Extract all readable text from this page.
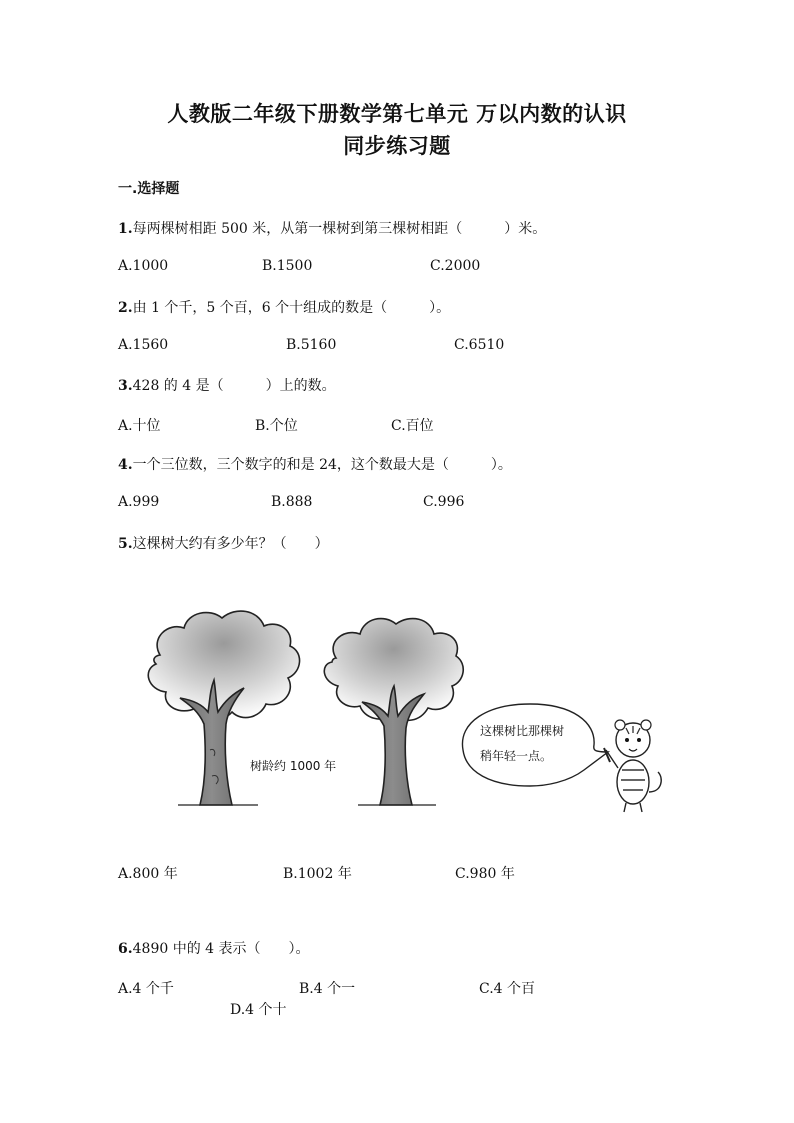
人教版二年级下册数学第七单元 万以内数的认识
同步练习题
一.选择题
1.每两棵树相距 500 米，从第一棵树到第三棵树相距（　　　）米。
A.1000	B.1500	C.2000
2.由 1 个千，5 个百，6 个十组成的数是（　　　）。
A.1560	B.5160	C.6510
3.428 的 4 是（　　　）上的数。
A.十位	B.个位	C.百位
4.一个三位数，三个数字的和是 24，这个数最大是（　　　）。
A.999	B.888	C.996
5.这棵树大约有多少年？（　　）
树龄约 1000 年
这棵树比那棵树
稍年轻一点。
A.800 年	B.1002 年	C.980 年
6.4890 中的 4 表示（　　）。
A.4 个千	B.4 个一	C.4 个百
D.4 个十
